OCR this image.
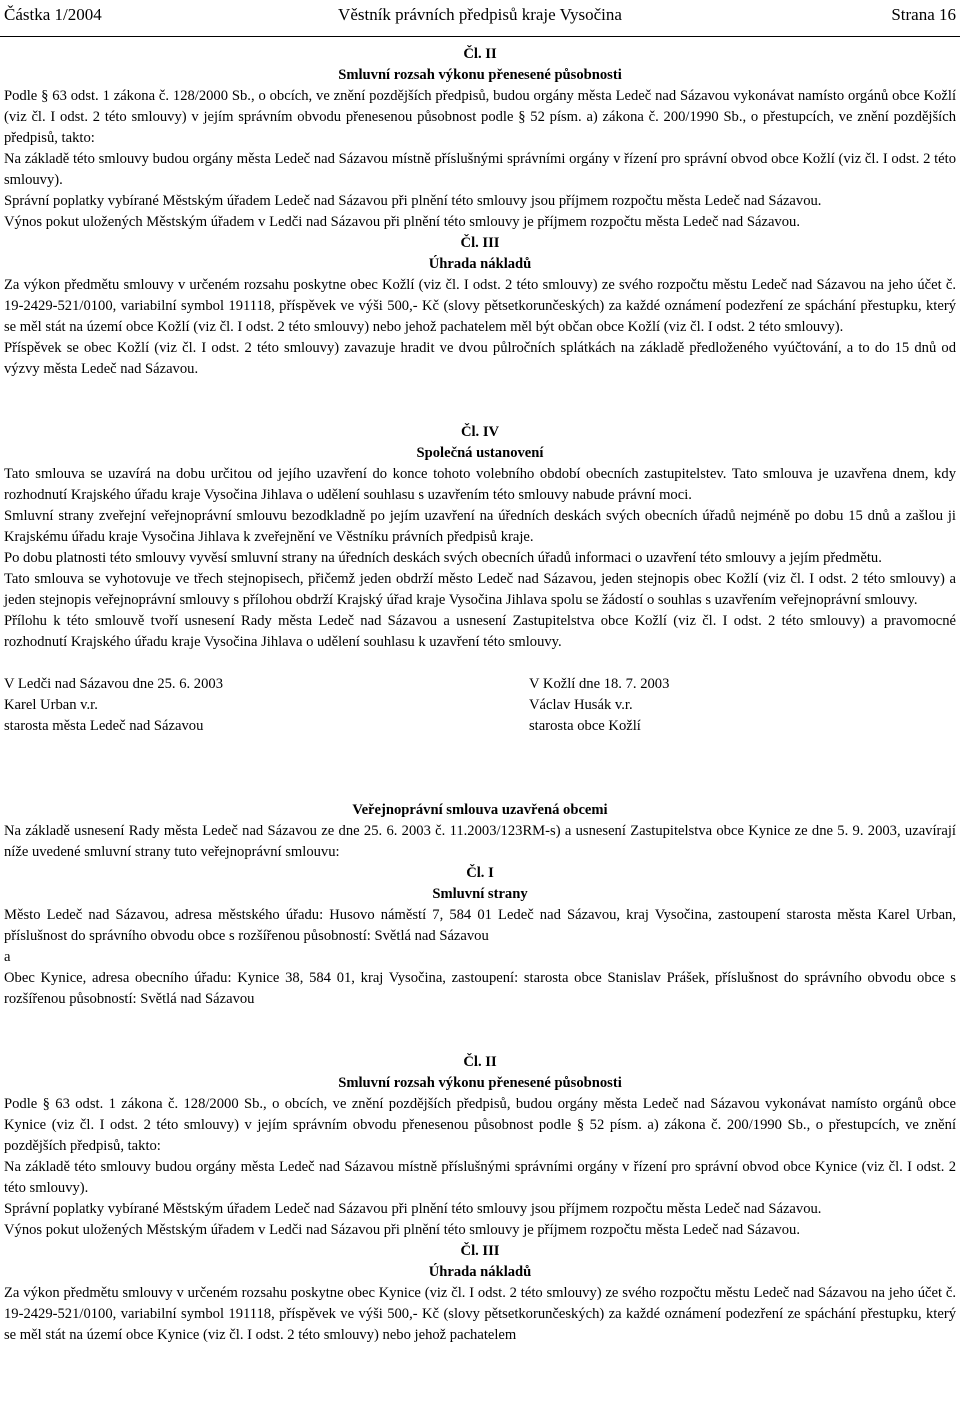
Částka 1/2004	Věstník právních předpisů kraje Vysočina	Strana 16
Čl. II
Smluvní rozsah výkonu přenesené působnosti

Podle § 63 odst. 1 zákona č. 128/2000 Sb., o obcích, ve znění pozdějších předpisů, budou orgány města Ledeč nad Sázavou vykonávat namísto orgánů obce Kožlí (viz čl. I odst. 2 této smlouvy) v jejím správním obvodu přenesenou působnost podle § 52 písm. a) zákona č. 200/1990 Sb., o přestupcích, ve znění pozdějších předpisů, takto:

Na základě této smlouvy budou orgány města Ledeč nad Sázavou místně příslušnými správními orgány v řízení pro správní obvod obce Kožlí (viz čl. I odst. 2 této smlouvy).

Správní poplatky vybírané Městským úřadem Ledeč nad Sázavou při plnění této smlouvy jsou příjmem rozpočtu města Ledeč nad Sázavou.

Výnos pokut uložených Městským úřadem v Ledči nad Sázavou při plnění této smlouvy je příjmem rozpočtu města Ledeč nad Sázavou.

Čl. III
Úhrada nákladů

Za výkon předmětu smlouvy v určeném rozsahu poskytne obec Kožlí (viz čl. I odst. 2 této smlouvy) ze svého rozpočtu městu Ledeč nad Sázavou na jeho účet č. 19-2429-521/0100, variabilní symbol 191118, příspěvek ve výši 500,- Kč (slovy pětsetkorunčeských) za každé oznámení podezření ze spáchání přestupku, který se měl stát na území obce Kožlí (viz čl. I odst. 2 této smlouvy) nebo jehož pachatelem měl být občan obce Kožlí (viz čl. I odst. 2 této smlouvy).

Příspěvek se obec Kožlí (viz čl. I odst. 2 této smlouvy) zavazuje hradit ve dvou půlročních splátkách na základě předloženého vyúčtování, a to do 15 dnů od výzvy města Ledeč nad Sázavou.

Čl. IV
Společná ustanovení

Tato smlouva se uzavírá na dobu určitou od jejího uzavření do konce tohoto volebního období obecních zastupitelstev. Tato smlouva je uzavřena dnem, kdy rozhodnutí Krajského úřadu kraje Vysočina Jihlava o udělení souhlasu s uzavřením této smlouvy nabude právní moci.

Smluvní strany zveřejní veřejnoprávní smlouvu bezodkladně po jejím uzavření na úředních deskách svých obecních úřadů nejméně po dobu 15 dnů a zašlou ji Krajskému úřadu kraje Vysočina Jihlava k zveřejnění ve Věstníku právních předpisů kraje.

Po dobu platnosti této smlouvy vyvěsí smluvní strany na úředních deskách svých obecních úřadů informaci o uzavření této smlouvy a jejím předmětu.

Tato smlouva se vyhotovuje ve třech stejnopisech, přičemž jeden obdrží město Ledeč nad Sázavou, jeden stejnopis obec Kožlí (viz čl. I odst. 2 této smlouvy) a jeden stejnopis veřejnoprávní smlouvy s přílohou obdrží Krajský úřad kraje Vysočina Jihlava spolu se žádostí o souhlas s uzavřením veřejnoprávní smlouvy.

Přílohu k této smlouvě tvoří usnesení Rady města Ledeč nad Sázavou a usnesení Zastupitelstva obce Kožlí (viz čl. I odst. 2 této smlouvy) a pravomocné rozhodnutí Krajského úřadu kraje Vysočina Jihlava o udělení souhlasu k uzavření této smlouvy.

V Ledči nad Sázavou dne 25. 6. 2003
Karel Urban v.r.
starosta města Ledeč nad Sázavou
V Kožlí dne 18. 7. 2003
Václav Husák v.r.
starosta obce Kožlí
Veřejnoprávní smlouva uzavřená obcemi

Na základě usnesení Rady města Ledeč nad Sázavou ze dne 25. 6. 2003 č. 11.2003/123RM-s) a usnesení Zastupitelstva obce Kynice ze dne 5. 9. 2003, uzavírají níže uvedené smluvní strany tuto veřejnoprávní smlouvu:

Čl. I
Smluvní strany

Město Ledeč nad Sázavou, adresa městského úřadu: Husovo náměstí 7, 584 01 Ledeč nad Sázavou, kraj Vysočina, zastoupení starosta města Karel Urban, příslušnost do správního obvodu obce s rozšířenou působností: Světlá nad Sázavou

a

Obec Kynice, adresa obecního úřadu: Kynice 38, 584 01, kraj Vysočina, zastoupení: starosta obce Stanislav Prášek, příslušnost do správního obvodu obce s rozšířenou působností: Světlá nad Sázavou

Čl. II
Smluvní rozsah výkonu přenesené působnosti

Podle § 63 odst. 1 zákona č. 128/2000 Sb., o obcích, ve znění pozdějších předpisů, budou orgány města Ledeč nad Sázavou vykonávat namísto orgánů obce Kynice (viz čl. I odst. 2 této smlouvy) v jejím správním obvodu přenesenou působnost podle § 52 písm. a) zákona č. 200/1990 Sb., o přestupcích, ve znění pozdějších předpisů, takto:

Na základě této smlouvy budou orgány města Ledeč nad Sázavou místně příslušnými správními orgány v řízení pro správní obvod obce Kynice (viz čl. I odst. 2 této smlouvy).

Správní poplatky vybírané Městským úřadem Ledeč nad Sázavou při plnění této smlouvy jsou příjmem rozpočtu města Ledeč nad Sázavou.

Výnos pokut uložených Městským úřadem v Ledči nad Sázavou při plnění této smlouvy je příjmem rozpočtu města Ledeč nad Sázavou.

Čl. III
Úhrada nákladů

Za výkon předmětu smlouvy v určeném rozsahu poskytne obec Kynice (viz čl. I odst. 2 této smlouvy) ze svého rozpočtu městu Ledeč nad Sázavou na jeho účet č. 19-2429-521/0100, variabilní symbol 191118, příspěvek ve výši 500,- Kč (slovy pětsetkorunčeských) za každé oznámení podezření ze spáchání přestupku, který se měl stát na území obce Kynice (viz čl. I odst. 2 této smlouvy) nebo jehož pachatelem
